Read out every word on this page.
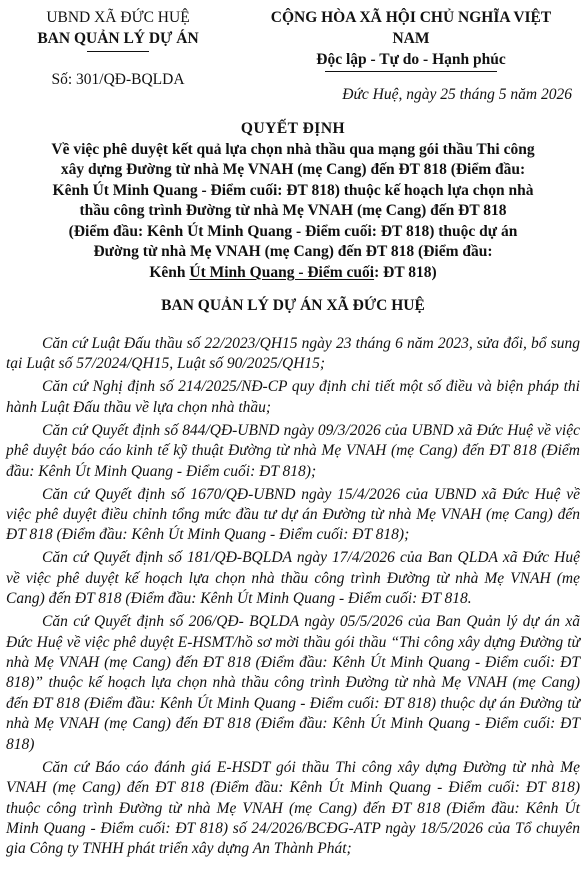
UBND XÃ ĐỨC HUỆ
BAN QUẢN LÝ DỰ ÁN
Số: 301/QĐ-BQLDA
CỘNG HÒA XÃ HỘI CHỦ NGHĨA VIỆT
NAM
Độc lập - Tự do - Hạnh phúc
Đức Huệ, ngày 25 tháng 5 năm 2026
QUYẾT ĐỊNH
Về việc phê duyệt kết quả lựa chọn nhà thầu qua mạng gói thầu Thi công
xây dựng Đường từ nhà Mẹ VNAH (mẹ Cang) đến ĐT 818 (Điểm đầu:
Kênh Út Minh Quang - Điểm cuối: ĐT 818) thuộc kế hoạch lựa chọn nhà
thầu công trình Đường từ nhà Mẹ VNAH (mẹ Cang) đến ĐT 818
(Điểm đầu: Kênh Út Minh Quang - Điểm cuối: ĐT 818) thuộc dự án
Đường từ nhà Mẹ VNAH (mẹ Cang) đến ĐT 818 (Điểm đầu:
Kênh Út Minh Quang - Điểm cuối: ĐT 818)
BAN QUẢN LÝ DỰ ÁN XÃ ĐỨC HUỆ

Căn cứ Luật Đấu thầu số 22/2023/QH15 ngày 23 tháng 6 năm 2023, sửa đổi, bổ sung tại Luật số 57/2024/QH15, Luật số 90/2025/QH15;

Căn cứ Nghị định số 214/2025/NĐ-CP quy định chi tiết một số điều và biện pháp thi hành Luật Đấu thầu về lựa chọn nhà thầu;

Căn cứ Quyết định số 844/QĐ-UBND ngày 09/3/2026 của UBND xã Đức Huệ về việc phê duyệt báo cáo kinh tế kỹ thuật Đường từ nhà Mẹ VNAH (mẹ Cang) đến ĐT 818 (Điểm đầu: Kênh Út Minh Quang - Điểm cuối: ĐT 818);

Căn cứ Quyết định số 1670/QĐ-UBND ngày 15/4/2026 của UBND xã Đức Huệ về việc phê duyệt điều chỉnh tổng mức đầu tư dự án Đường từ nhà Mẹ VNAH (mẹ Cang) đến ĐT 818 (Điểm đầu: Kênh Út Minh Quang - Điểm cuối: ĐT 818);

Căn cứ Quyết định số 181/QĐ-BQLDA ngày 17/4/2026 của Ban QLDA xã Đức Huệ về việc phê duyệt kế hoạch lựa chọn nhà thầu công trình Đường từ nhà Mẹ VNAH (mẹ Cang) đến ĐT 818 (Điểm đầu: Kênh Út Minh Quang - Điểm cuối: ĐT 818.

Căn cứ Quyết định số 206/QĐ- BQLDA ngày 05/5/2026 của Ban Quản lý dự án xã Đức Huệ về việc phê duyệt E-HSMT/hồ sơ mời thầu gói thầu “Thi công xây dựng Đường từ nhà Mẹ VNAH (mẹ Cang) đến ĐT 818 (Điểm đầu: Kênh Út Minh Quang - Điểm cuối: ĐT 818)” thuộc kế hoạch lựa chọn nhà thầu công trình Đường từ nhà Mẹ VNAH (mẹ Cang) đến ĐT 818 (Điểm đầu: Kênh Út Minh Quang - Điểm cuối: ĐT 818) thuộc dự án Đường từ nhà Mẹ VNAH (mẹ Cang) đến ĐT 818 (Điểm đầu: Kênh Út Minh Quang - Điểm cuối: ĐT 818)

Căn cứ Báo cáo đánh giá E-HSDT gói thầu Thi công xây dựng Đường từ nhà Mẹ VNAH (mẹ Cang) đến ĐT 818 (Điểm đầu: Kênh Út Minh Quang - Điểm cuối: ĐT 818) thuộc công trình Đường từ nhà Mẹ VNAH (mẹ Cang) đến ĐT 818 (Điểm đầu: Kênh Út Minh Quang - Điểm cuối: ĐT 818) số 24/2026/BCĐG-ATP ngày 18/5/2026 của Tổ chuyên gia Công ty TNHH phát triển xây dựng An Thành Phát;
